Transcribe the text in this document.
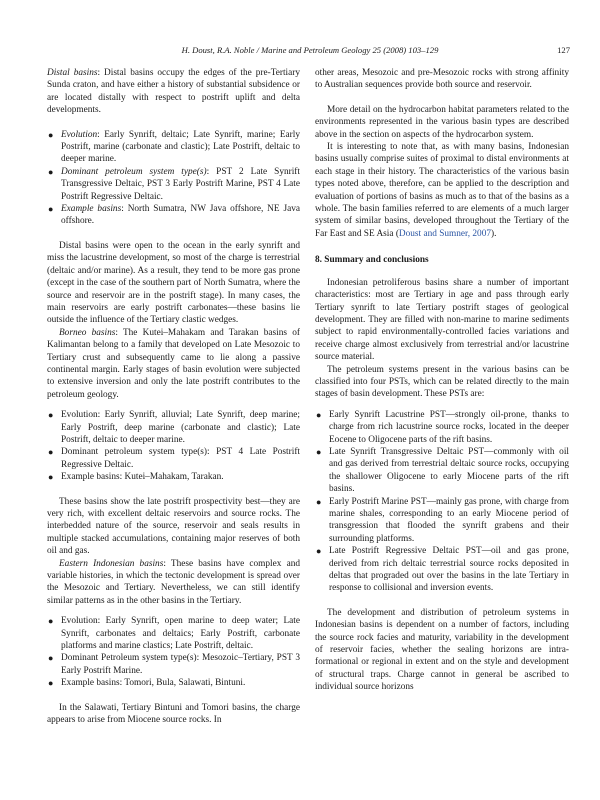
H. Doust, R.A. Noble / Marine and Petroleum Geology 25 (2008) 103–129	127

Distal basins: Distal basins occupy the edges of the pre-Tertiary Sunda craton, and have either a history of substantial subsidence or are located distally with respect to postrift uplift and delta developments.

● Evolution: Early Synrift, deltaic; Late Synrift, marine; Early Postrift, marine (carbonate and clastic); Late Postrift, deltaic to deeper marine.
● Dominant petroleum system type(s): PST 2 Late Synrift Transgressive Deltaic, PST 3 Early Postrift Marine, PST 4 Late Postrift Regressive Deltaic.
● Example basins: North Sumatra, NW Java offshore, NE Java offshore.

Distal basins were open to the ocean in the early synrift and miss the lacustrine development, so most of the charge is terrestrial (deltaic and/or marine). As a result, they tend to be more gas prone (except in the case of the southern part of North Sumatra, where the source and reservoir are in the postrift stage). In many cases, the main reservoirs are early postrift carbonates—these basins lie outside the influence of the Tertiary clastic wedges.

Borneo basins: The Kutei–Mahakam and Tarakan basins of Kalimantan belong to a family that developed on Late Mesozoic to Tertiary crust and subsequently came to lie along a passive continental margin. Early stages of basin evolution were subjected to extensive inversion and only the late postrift contributes to the petroleum geology.

● Evolution: Early Synrift, alluvial; Late Synrift, deep marine; Early Postrift, deep marine (carbonate and clastic); Late Postrift, deltaic to deeper marine.
● Dominant petroleum system type(s): PST 4 Late Postrift Regressive Deltaic.
● Example basins: Kutei–Mahakam, Tarakan.

These basins show the late postrift prospectivity best—they are very rich, with excellent deltaic reservoirs and source rocks. The interbedded nature of the source, reservoir and seals results in multiple stacked accumulations, containing major reserves of both oil and gas.

Eastern Indonesian basins: These basins have complex and variable histories, in which the tectonic development is spread over the Mesozoic and Tertiary. Nevertheless, we can still identify similar patterns as in the other basins in the Tertiary.

● Evolution: Early Synrift, open marine to deep water; Late Synrift, carbonates and deltaics; Early Postrift, carbonate platforms and marine clastics; Late Postrift, deltaic.
● Dominant Petroleum system type(s): Mesozoic–Tertiary, PST 3 Early Postrift Marine.
● Example basins: Tomori, Bula, Salawati, Bintuni.

In the Salawati, Tertiary Bintuni and Tomori basins, the charge appears to arise from Miocene source rocks. In

other areas, Mesozoic and pre-Mesozoic rocks with strong affinity to Australian sequences provide both source and reservoir.

More detail on the hydrocarbon habitat parameters related to the environments represented in the various basin types are described above in the section on aspects of the hydrocarbon system.

It is interesting to note that, as with many basins, Indonesian basins usually comprise suites of proximal to distal environments at each stage in their history. The characteristics of the various basin types noted above, therefore, can be applied to the description and evaluation of portions of basins as much as to that of the basins as a whole. The basin families referred to are elements of a much larger system of similar basins, developed throughout the Tertiary of the Far East and SE Asia (Doust and Sumner, 2007).

8. Summary and conclusions

Indonesian petroliferous basins share a number of important characteristics: most are Tertiary in age and pass through early Tertiary synrift to late Tertiary postrift stages of geological development. They are filled with non-marine to marine sediments subject to rapid environmentally-controlled facies variations and receive charge almost exclusively from terrestrial and/or lacustrine source material.

The petroleum systems present in the various basins can be classified into four PSTs, which can be related directly to the main stages of basin development. These PSTs are:

● Early Synrift Lacustrine PST—strongly oil-prone, thanks to charge from rich lacustrine source rocks, located in the deeper Eocene to Oligocene parts of the rift basins.
● Late Synrift Transgressive Deltaic PST—commonly with oil and gas derived from terrestrial deltaic source rocks, occupying the shallower Oligocene to early Miocene parts of the rift basins.
● Early Postrift Marine PST—mainly gas prone, with charge from marine shales, corresponding to an early Miocene period of transgression that flooded the synrift grabens and their surrounding platforms.
● Late Postrift Regressive Deltaic PST—oil and gas prone, derived from rich deltaic terrestrial source rocks deposited in deltas that prograded out over the basins in the late Tertiary in response to collisional and inversion events.

The development and distribution of petroleum systems in Indonesian basins is dependent on a number of factors, including the source rock facies and maturity, variability in the development of reservoir facies, whether the sealing horizons are intra-formational or regional in extent and on the style and development of structural traps. Charge cannot in general be ascribed to individual source horizons
